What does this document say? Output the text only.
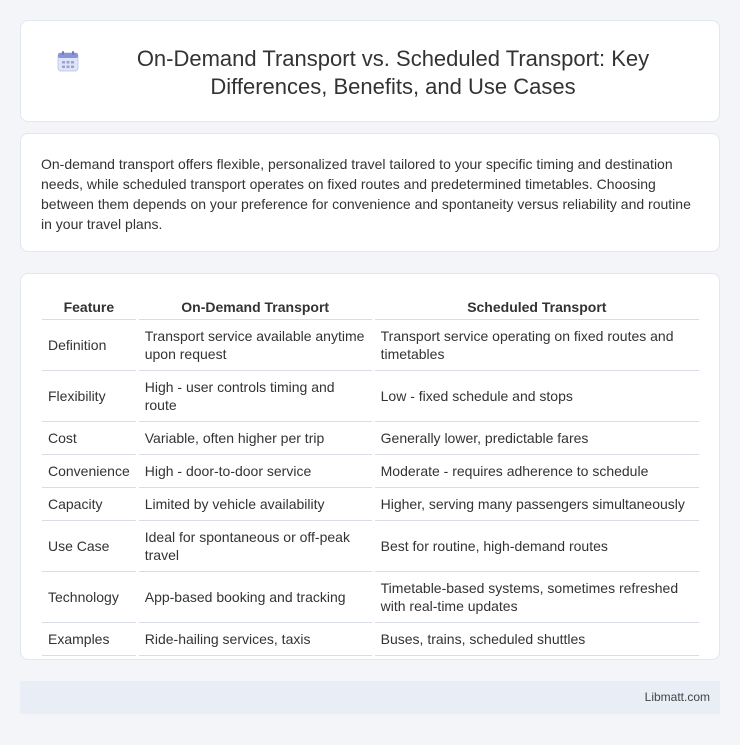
On-Demand Transport vs. Scheduled Transport: Key Differences, Benefits, and Use Cases

On-demand transport offers flexible, personalized travel tailored to your specific timing and destination needs, while scheduled transport operates on fixed routes and predetermined timetables. Choosing between them depends on your preference for convenience and spontaneity versus reliability and routine in your travel plans.

Feature	On-Demand Transport	Scheduled Transport
Definition	Transport service available anytime upon request	Transport service operating on fixed routes and timetables
Flexibility	High - user controls timing and route	Low - fixed schedule and stops
Cost	Variable, often higher per trip	Generally lower, predictable fares
Convenience	High - door-to-door service	Moderate - requires adherence to schedule
Capacity	Limited by vehicle availability	Higher, serving many passengers simultaneously
Use Case	Ideal for spontaneous or off-peak travel	Best for routine, high-demand routes
Technology	App-based booking and tracking	Timetable-based systems, sometimes refreshed with real-time updates
Examples	Ride-hailing services, taxis	Buses, trains, scheduled shuttles
Libmatt.com
